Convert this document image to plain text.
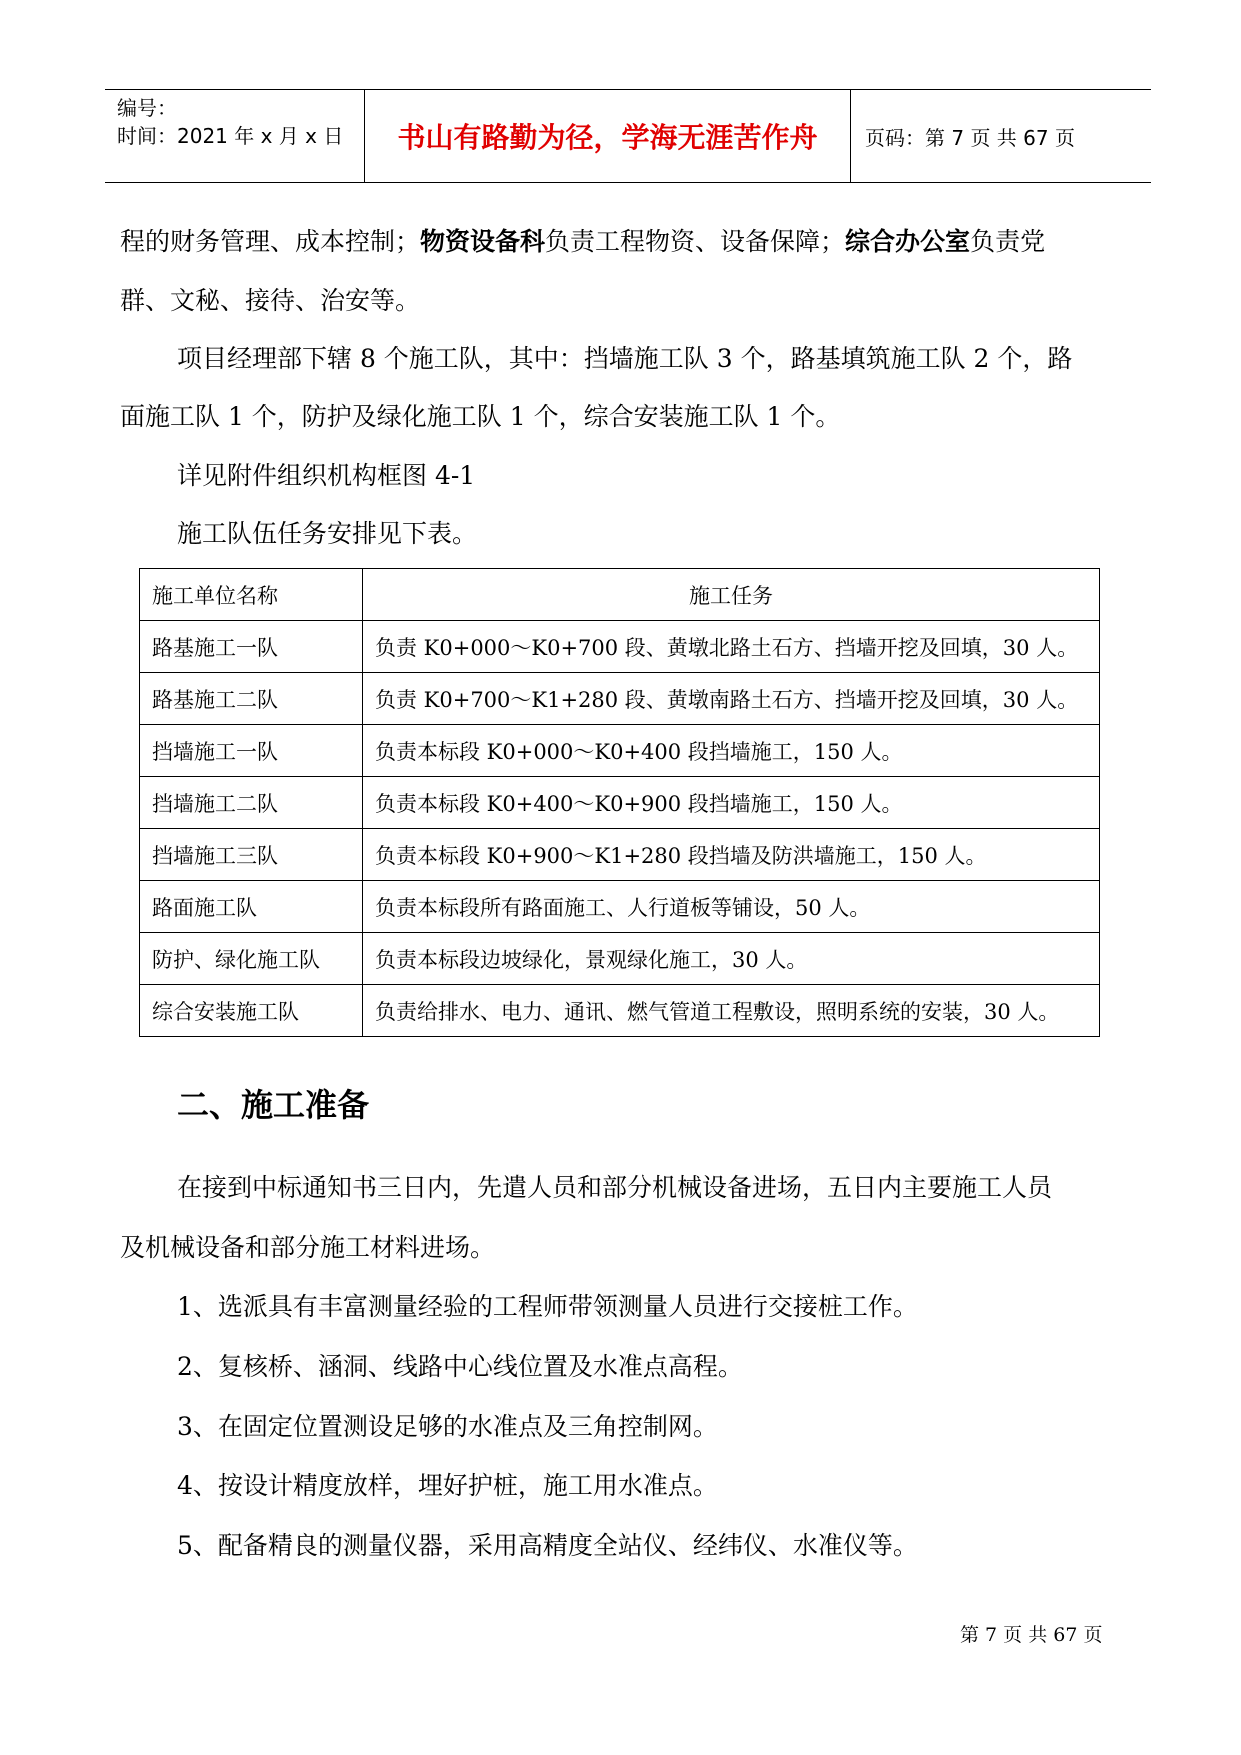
编号：
时间：2021 年 x 月 x 日	书山有路勤为径，学海无涯苦作舟	页码：第 7 页 共 67 页
程的财务管理、成本控制；物资设备科负责工程物资、设备保障；综合办公室负责党
群、文秘、接待、治安等。
项目经理部下辖 8 个施工队，其中：挡墙施工队 3 个，路基填筑施工队 2 个，路
面施工队 1 个，防护及绿化施工队 1 个，综合安装施工队 1 个。
详见附件组织机构框图 4-1
施工队伍任务安排见下表。
施工单位名称	施工任务
路基施工一队	负责 K0+000～K0+700 段、黄墩北路土石方、挡墙开挖及回填，30 人。
路基施工二队	负责 K0+700～K1+280 段、黄墩南路土石方、挡墙开挖及回填，30 人。
挡墙施工一队	负责本标段 K0+000～K0+400 段挡墙施工，150 人。
挡墙施工二队	负责本标段 K0+400～K0+900 段挡墙施工，150 人。
挡墙施工三队	负责本标段 K0+900～K1+280 段挡墙及防洪墙施工，150 人。
路面施工队	负责本标段所有路面施工、人行道板等铺设，50 人。
防护、绿化施工队	负责本标段边坡绿化，景观绿化施工，30 人。
综合安装施工队	负责给排水、电力、通讯、燃气管道工程敷设，照明系统的安装，30 人。
二、施工准备
在接到中标通知书三日内，先遣人员和部分机械设备进场，五日内主要施工人员
及机械设备和部分施工材料进场。
1、选派具有丰富测量经验的工程师带领测量人员进行交接桩工作。
2、复核桥、涵洞、线路中心线位置及水准点高程。
3、在固定位置测设足够的水准点及三角控制网。
4、按设计精度放样，埋好护桩，施工用水准点。
5、配备精良的测量仪器，采用高精度全站仪、经纬仪、水准仪等。
第 7 页 共 67 页
